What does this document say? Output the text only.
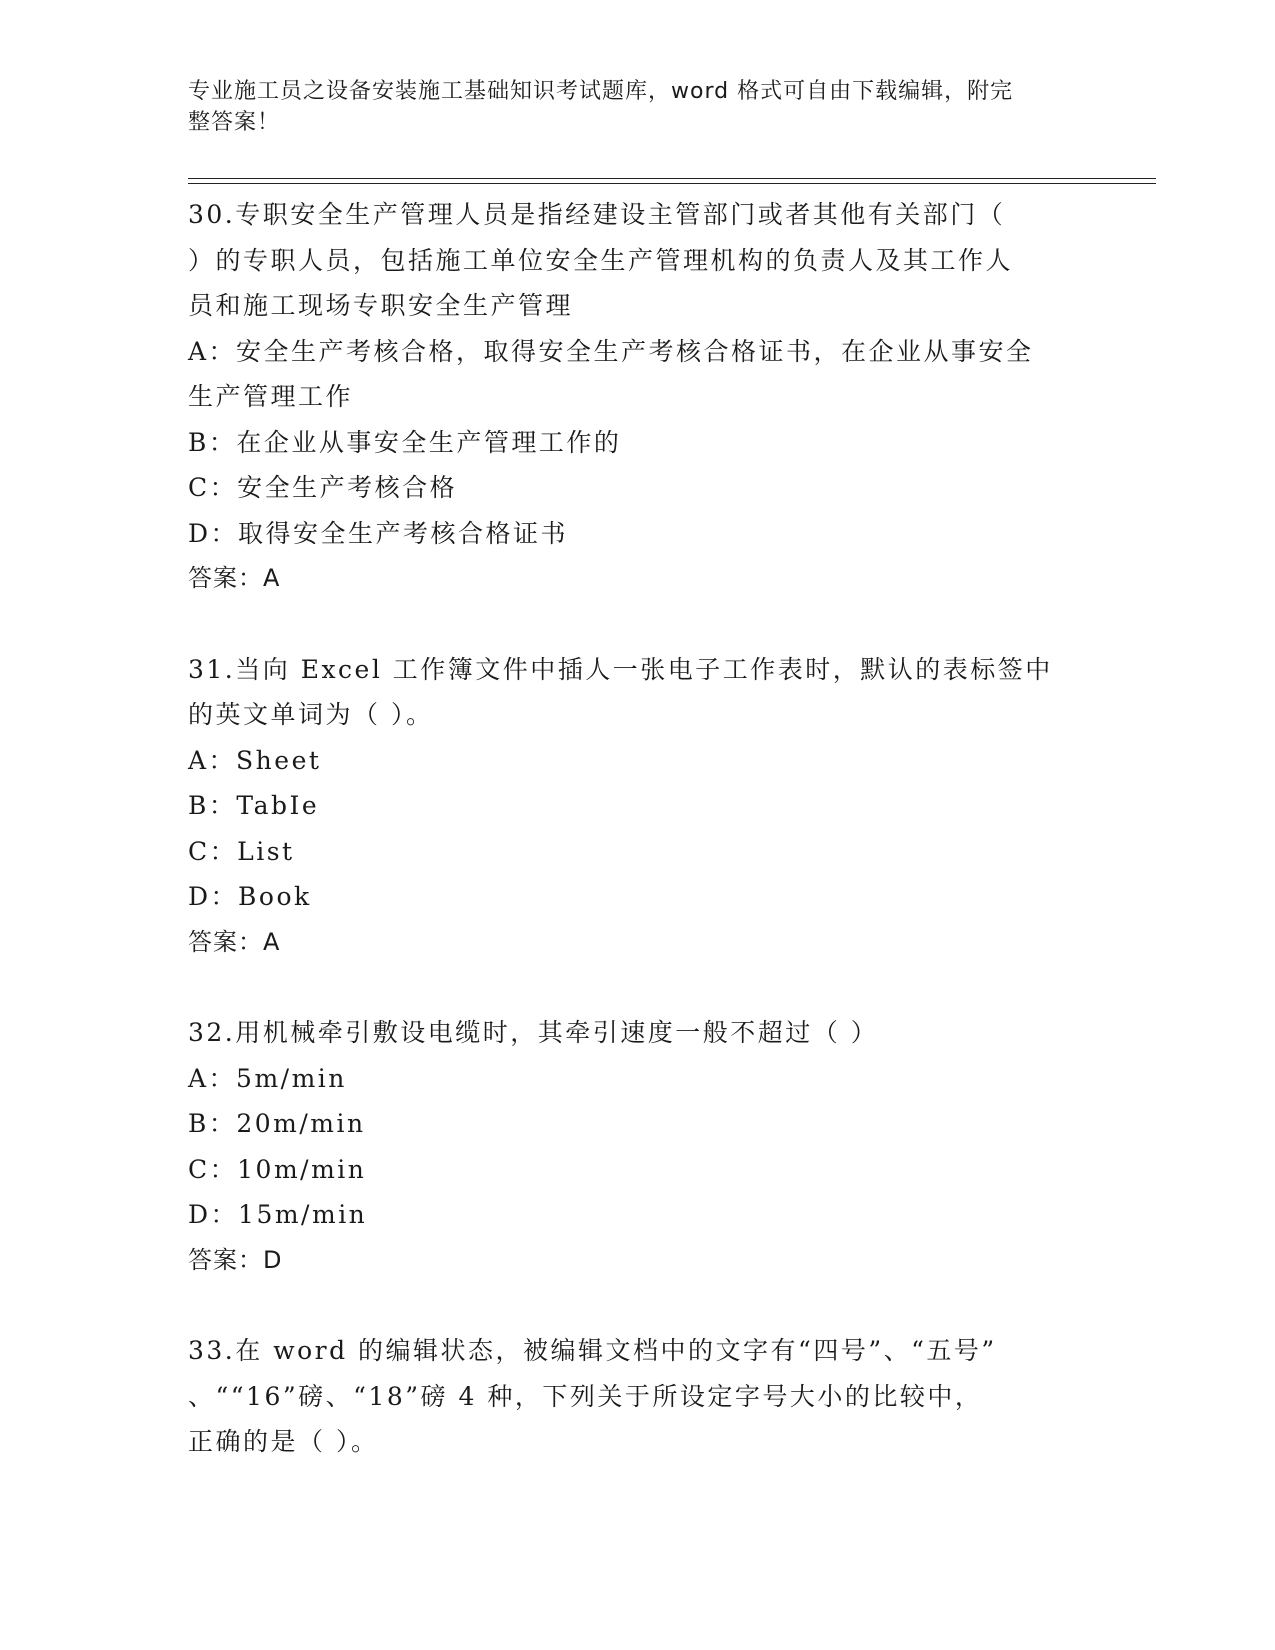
专业施工员之设备安装施工基础知识考试题库，word 格式可自由下载编辑，附完
整答案！
30.专职安全生产管理人员是指经建设主管部门或者其他有关部门（
）的专职人员，包括施工单位安全生产管理机构的负责人及其工作人
员和施工现场专职安全生产管理
A：安全生产考核合格，取得安全生产考核合格证书，在企业从事安全
生产管理工作
B：在企业从事安全生产管理工作的
C：安全生产考核合格
D：取得安全生产考核合格证书
答案：A
31.当向 Excel 工作簿文件中插人一张电子工作表时，默认的表标签中
的英文单词为（ ）。
A：Sheet
B：TabIe
C：List
D：Book
答案：A
32.用机械牵引敷设电缆时，其牵引速度一般不超过（ ）
A：5m/min
B：20m/min
C：10m/min
D：15m/min
答案：D
33.在 word 的编辑状态，被编辑文档中的文字有“四号”、“五号”
、““16”磅、“18”磅 4 种，下列关于所设定字号大小的比较中，
正确的是（ ）。
